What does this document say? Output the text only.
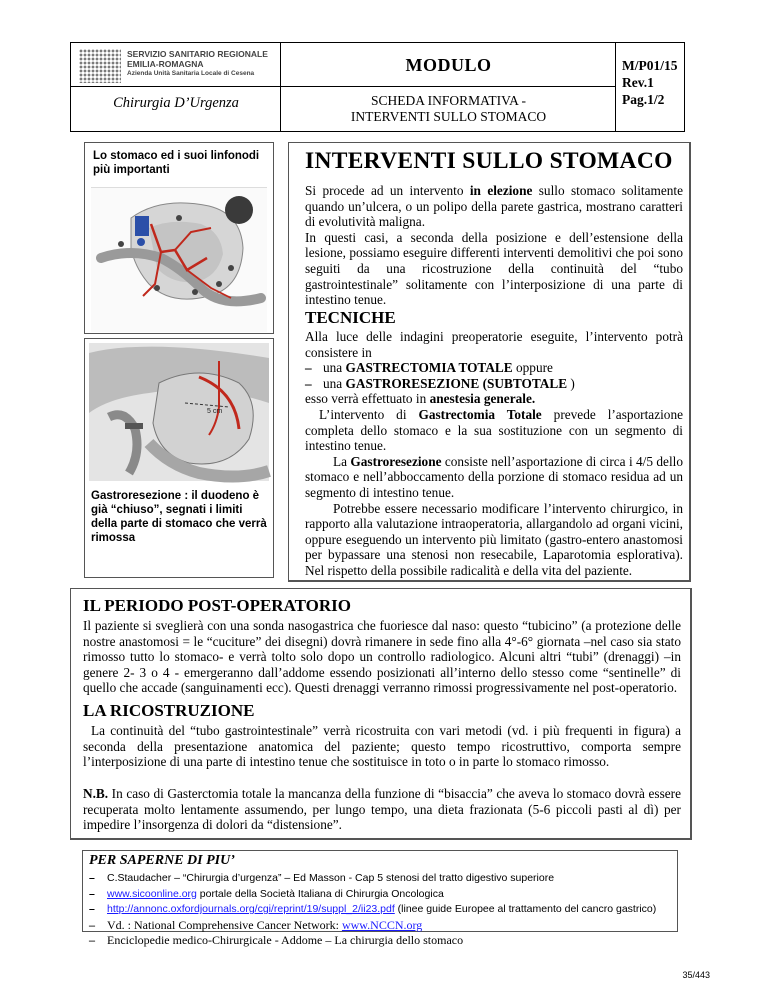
SERVIZIO SANITARIO REGIONALE
EMILIA-ROMAGNA
Azienda Unità Sanitaria Locale di Cesena
Chirurgia D’Urgenza
MODULO
SCHEDA INFORMATIVA -
INTERVENTI SULLO STOMACO
M/P01/15
Rev.1
Pag.1/2
Lo stomaco ed i suoi linfonodi più importanti
5 cm
Gastroresezione : il duodeno è già “chiuso”, segnati i limiti della parte di stomaco che verrà rimossa
INTERVENTI SULLO STOMACO
Si procede ad un intervento in elezione sullo stomaco solitamente quando un’ulcera, o un polipo della parete gastrica, mostrano caratteri di evolutività maligna.
In questi casi, a seconda della posizione e dell’estensione della lesione, possiamo eseguire differenti interventi demolitivi che poi sono seguiti da una ricostruzione della continuità del “tubo gastrointestinale” solitamente con l’interposizione di una parte di intestino tenue.
TECNICHE
Alla luce delle indagini preoperatorie eseguite, l’intervento potrà consistere in
– una GASTRECTOMIA TOTALE oppure
– una GASTRORESEZIONE (SUBTOTALE )
esso verrà effettuato in anestesia generale.
L’intervento di Gastrectomia Totale prevede l’asportazione completa dello stomaco e la sua sostituzione con un segmento di intestino tenue.
La Gastroresezione consiste nell’asportazione di circa i 4/5 dello stomaco e nell’abboccamento della porzione di stomaco residua ad un segmento di intestino tenue.
Potrebbe essere necessario modificare l’intervento chirurgico, in rapporto alla valutazione intraoperatoria, allargandolo ad organi vicini, oppure eseguendo un intervento più limitato (gastro-entero anastomosi per bypassare una stenosi non resecabile, Laparotomia esplorativa). Nel rispetto della possibile radicalità e della vita del paziente.
IL PERIODO POST-OPERATORIO
Il paziente si sveglierà con una sonda nasogastrica che fuoriesce dal naso: questo “tubicino” (a protezione delle nostre anastomosi = le “cuciture” dei disegni) dovrà rimanere in sede fino alla 4°-6° giornata –nel caso sia stato rimosso tutto lo stomaco- e verrà tolto solo dopo un controllo radiologico. Alcuni altri “tubi” (drenaggi) –in genere 2- 3 o 4 - emergeranno dall’addome essendo posizionati all’interno dello stesso come “sentinelle” di quello che accade (sanguinamenti ecc). Questi drenaggi verranno rimossi progressivamente nel post-operatorio.
LA RICOSTRUZIONE
La continuità del “tubo gastrointestinale” verrà ricostruita con vari metodi (vd. i più frequenti in figura) a seconda della presentazione anatomica del paziente; questo tempo ricostruttivo, comporta sempre l’interposizione di una parte di intestino tenue che sostituisce in toto o in parte lo stomaco rimosso.
N.B. In caso di Gasterctomia totale la mancanza della funzione di “bisaccia” che aveva lo stomaco dovrà essere recuperata molto lentamente assumendo, per lungo tempo, una dieta frazionata (5-6 piccoli pasti al dì) per impedire l’insorgenza di dolori da “distensione”.
PER SAPERNE DI PIU’
– C.Staudacher – “Chirurgia d’urgenza” – Ed Masson - Cap 5 stenosi del tratto digestivo superiore
– www.sicoonline.org portale della Società Italiana di Chirurgia Oncologica
– http://annonc.oxfordjournals.org/cgi/reprint/19/suppl_2/ii23.pdf (linee guide Europee al trattamento del cancro gastrico)
– Vd. : National Comprehensive Cancer Network: www.NCCN.org
– Enciclopedie medico-Chirurgicale - Addome – La chirurgia dello stomaco
35/443
